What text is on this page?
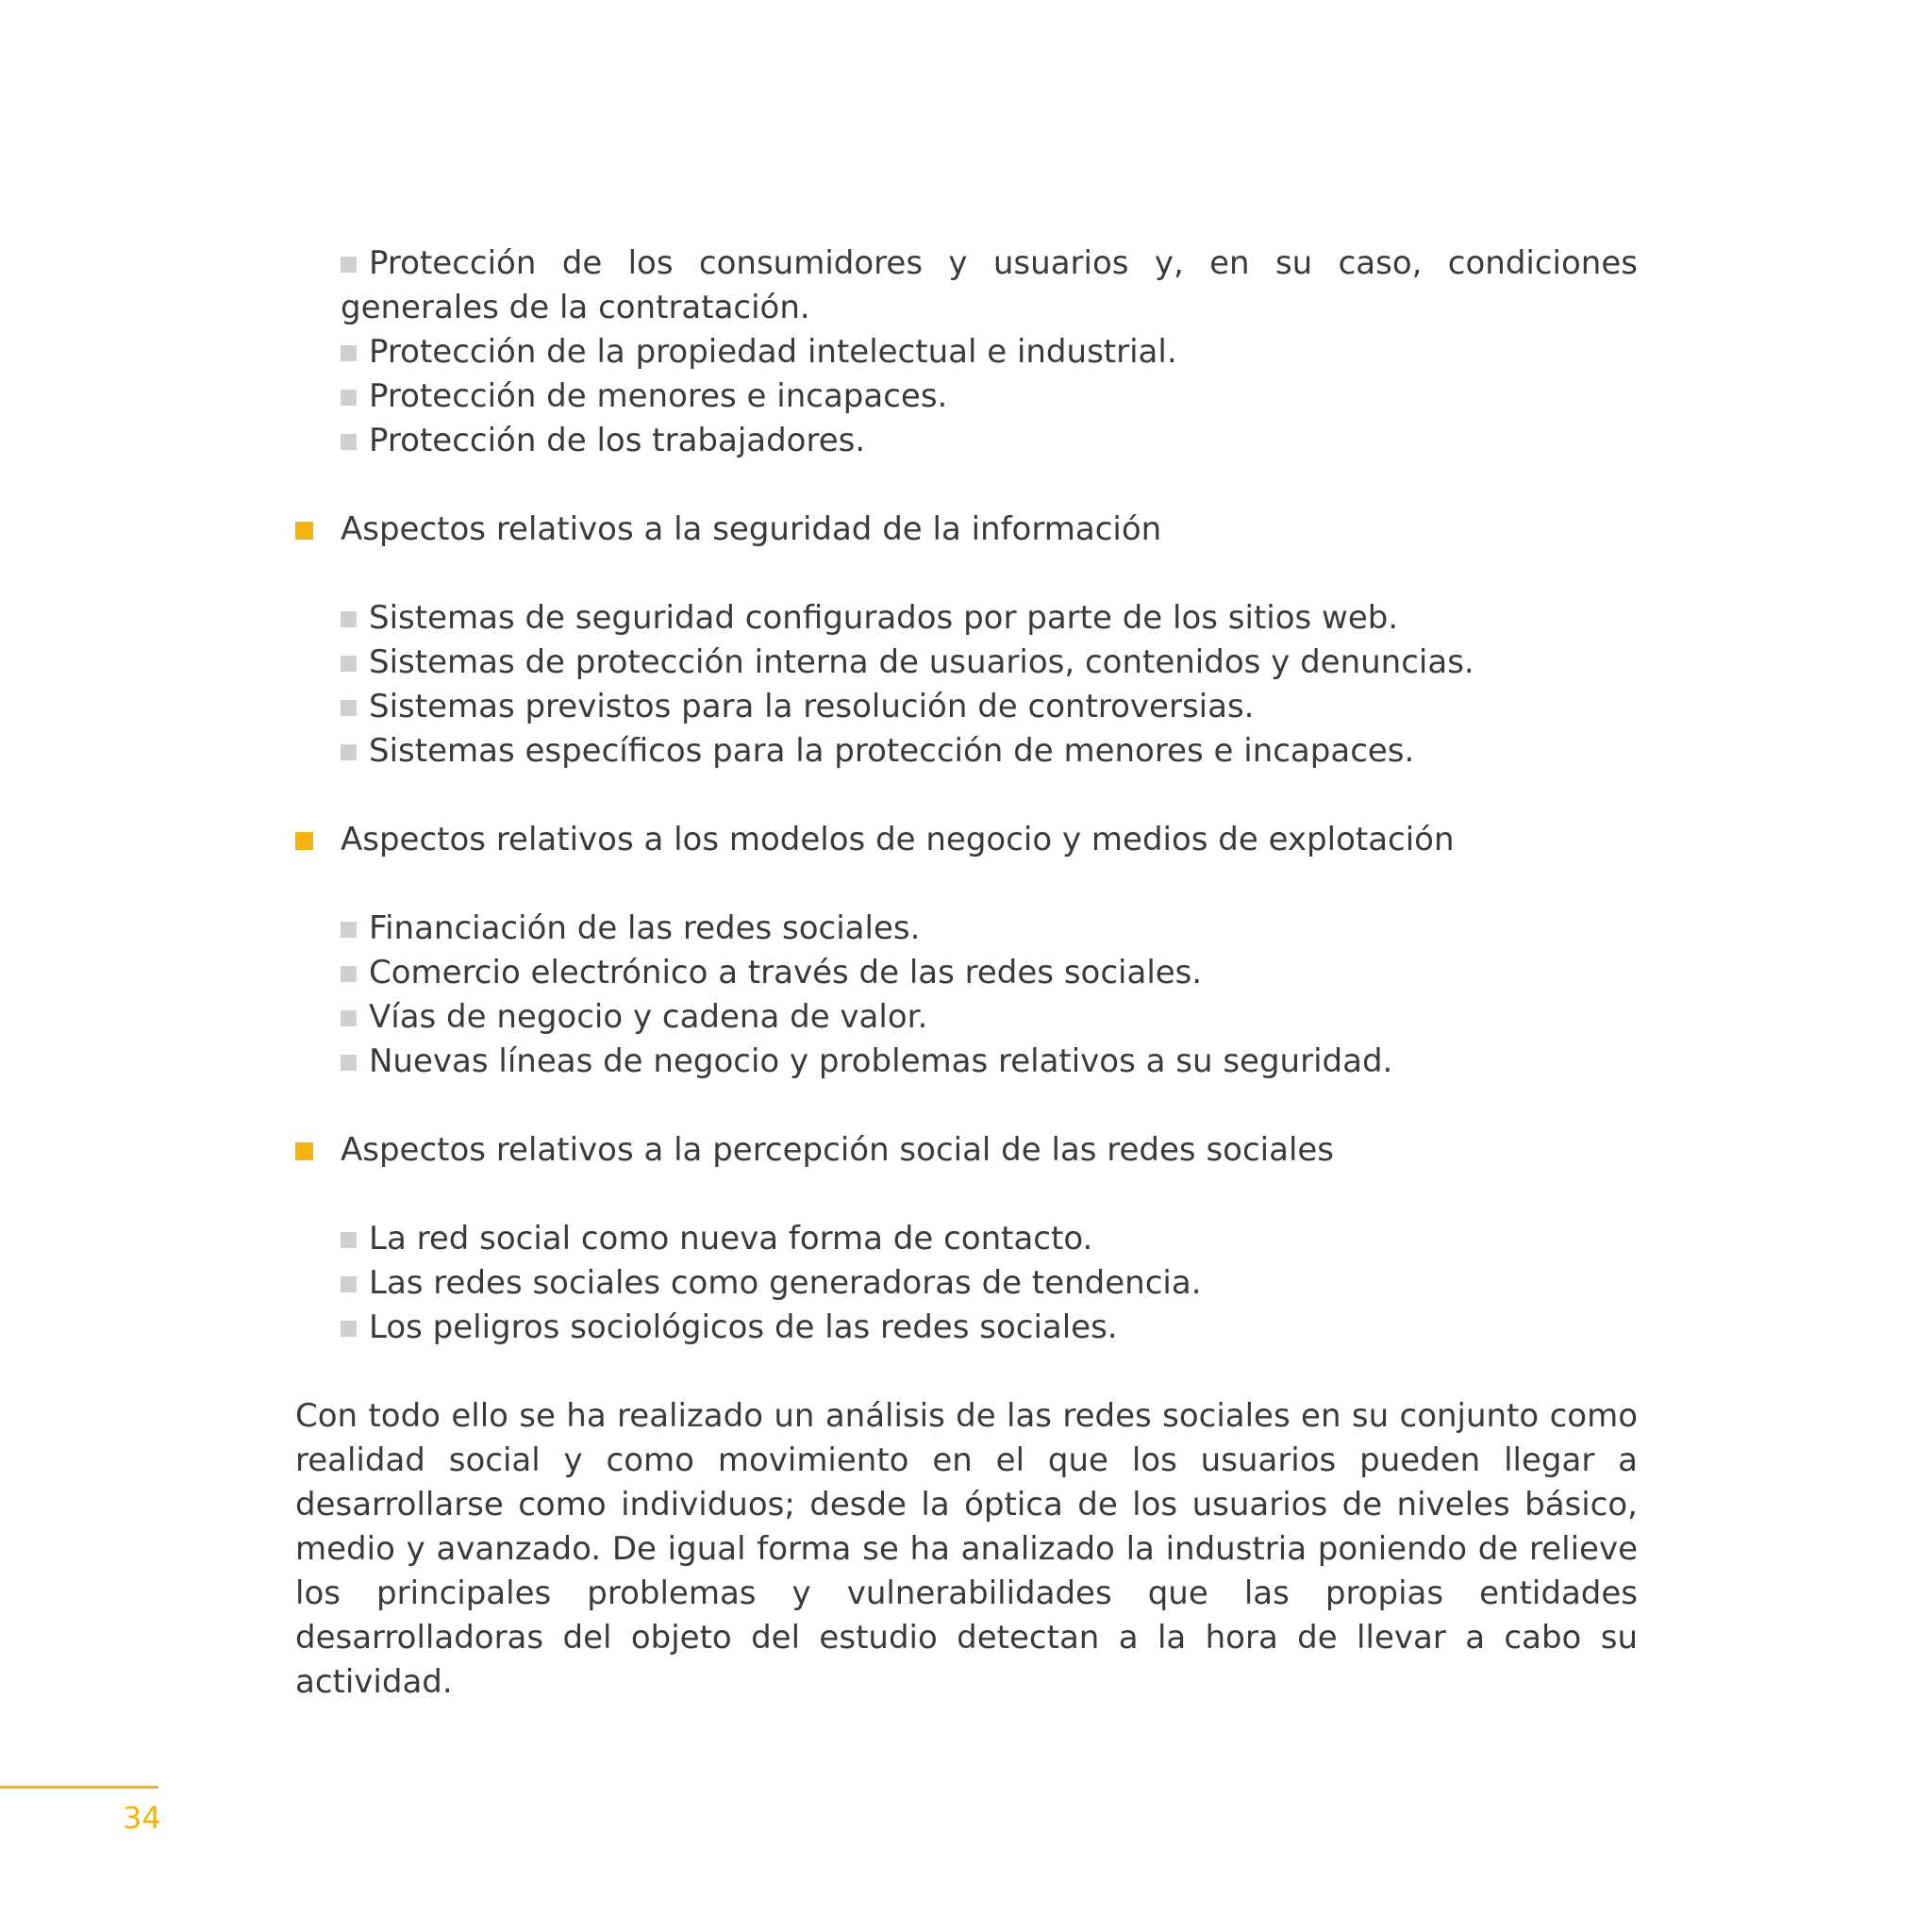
Protección de los consumidores y usuarios y, en su caso, condiciones generales de la contratación.
Protección de la propiedad intelectual e industrial.
Protección de menores e incapaces.
Protección de los trabajadores.
Aspectos relativos a la seguridad de la información
Sistemas de seguridad configurados por parte de los sitios web.
Sistemas de protección interna de usuarios, contenidos y denuncias.
Sistemas previstos para la resolución de controversias.
Sistemas específicos para la protección de menores e incapaces.
Aspectos relativos a los modelos de negocio y medios de explotación
Financiación de las redes sociales.
Comercio electrónico a través de las redes sociales.
Vías de negocio y cadena de valor.
Nuevas líneas de negocio y problemas relativos a su seguridad.
Aspectos relativos a la percepción social de las redes sociales
La red social como nueva forma de contacto.
Las redes sociales como generadoras de tendencia.
Los peligros sociológicos de las redes sociales.

Con todo ello se ha realizado un análisis de las redes sociales en su conjunto como realidad social y como movimiento en el que los usuarios pueden llegar a desarrollarse como individuos; desde la óptica de los usuarios de niveles básico, medio y avanzado. De igual forma se ha analizado la industria poniendo de relieve los principales problemas y vulnerabilidades que las propias entidades desarrolladoras del objeto del estudio detectan a la hora de llevar a cabo su actividad.

34
